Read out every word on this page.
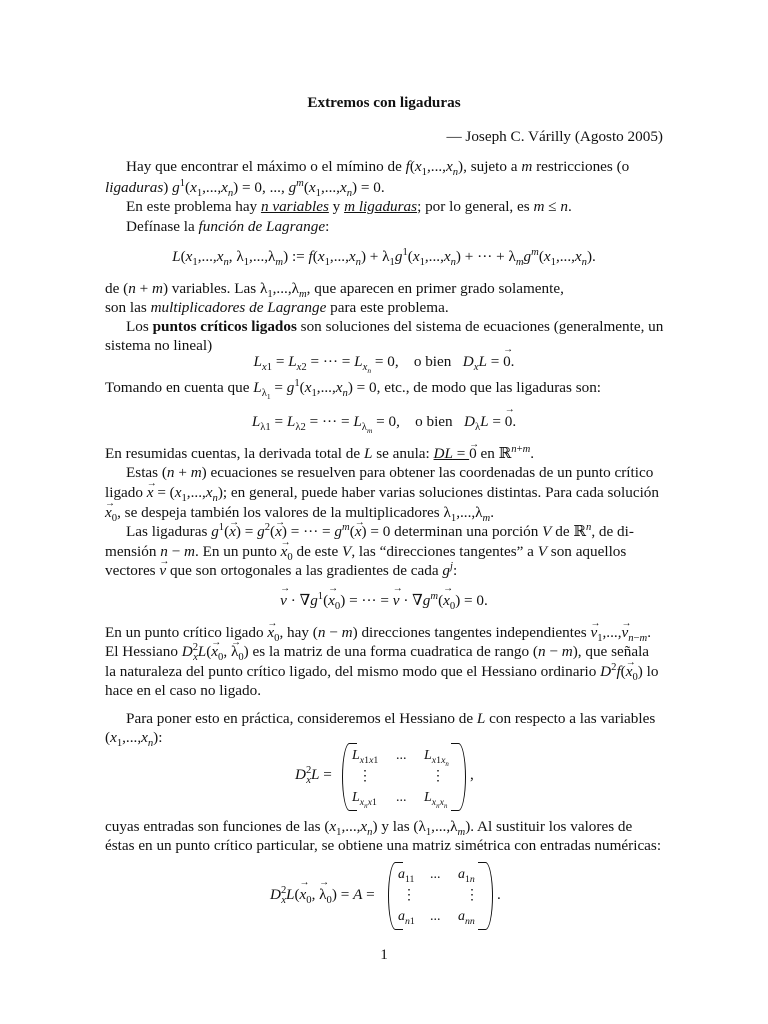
Extremos con ligaduras
— Joseph C. Várilly (Agosto 2005)
Hay que encontrar el máximo o el mímino de $f(x_1,...,x_n)$, sujeto a m restricciones (o
ligaduras) $g^1(x_1,...,x_n) = 0$, ..., $g^m(x_1,...,x_n) = 0$.
En este problema hay n variables y m ligaduras; por lo general, es m ≤ n.
Defínase la función de Lagrange:
$L(x_1,...,x_n$, $\lambda_1,...,\lambda_m$) := $f(x_1,...,x_n) + \lambda_1g^1(x_1,...,x_n)$ + ··· + $\lambda_mg^m(x_1,...,x_n)$.
de (n + m) variables. Las $\lambda_1,...,\lambda_m$, que aparecen en primer grado solamente,
son las multiplicadores de Lagrange para este problema.
Los puntos críticos ligados son soluciones del sistema de ecuaciones (generalmente, un
sistema no lineal)
$L_{x1} = L_{x2}$ = ··· = $L_{x_n} = 0$,    o bien $D_xL$ = → 0.
Tomando en cuenta que $L_{\lambda_1} = g^1(x_1,...,x_n) = 0$, etc., de modo que las ligaduras son:
$L_{\lambda 1} = L_{\lambda 2}$ = ··· = $L_{\lambda_m} = 0$,    o bien $D_\lambda L$ = → 0.
En resumidas cuentas, la derivada total de L se anula: DL = → 0 en ℝ$^{n+m}$.
Estas (n + m) ecuaciones se resuelven para obtener las coordenadas de un punto crítico
ligado → $x = (x_1,...,x_n)$; en general, puede haber varias soluciones distintas. Para cada solución
→ $x_0$, se despeja también los valores de la multiplicadores $\lambda_1,...,\lambda_m$.
Las ligaduras $g^1(\to x) = g^2(\to x)$ = ··· = $g^m(\to x) = 0$ determinan una porción V de ℝ$^n$, de di-
mensión n − m. En un punto → $x_0$ de este V, las “direcciones tangentes” a V son aquellos
vectores → v que son ortogonales a las gradientes de cada $g^j$:
→ $v \cdot \nabla g^1(\to x_0)$ = ··· = → $v \cdot \nabla g^m(\to x_0) = 0$.
En un punto crítico ligado → $x_0$, hay (n − m) direcciones tangentes independientes → $v_1,...,\to v_{n-m}$.
El Hessiano $D^2_xL(\to x_0$, → $\lambda_0$) es la matriz de una forma cuadratica de rango (n − m), que señala
la naturaleza del punto crítico ligado, del mismo modo que el Hessiano ordinario $D^2f(\to x_0)$ lo
hace en el caso no ligado.
Para poner esto en práctica, consideremos el Hessiano de L con respecto a las variables
$(x_1,...,x_n)$:
$D^2_xL$ =
$L_{x1x1}$ ... $L_{x1x_n}$
⋮	⋮
$L_{x_nx1}$ ... $L_{x_nx_n}$
,
cuyas entradas son funciones de las $(x_1,...,x_n)$ y las $(\lambda_1,...,\lambda_m)$. Al sustituir los valores de
éstas en un punto crítico particular, se obtiene una matriz simétrica con entradas numéricas:
$D^2_xL(\to x_0$, → $\lambda_0) = A$ =
$a_{11}$ ... $a_{1n}$
⋮	⋮
$a_{n1}$ ... $a_{nn}$
.
1
